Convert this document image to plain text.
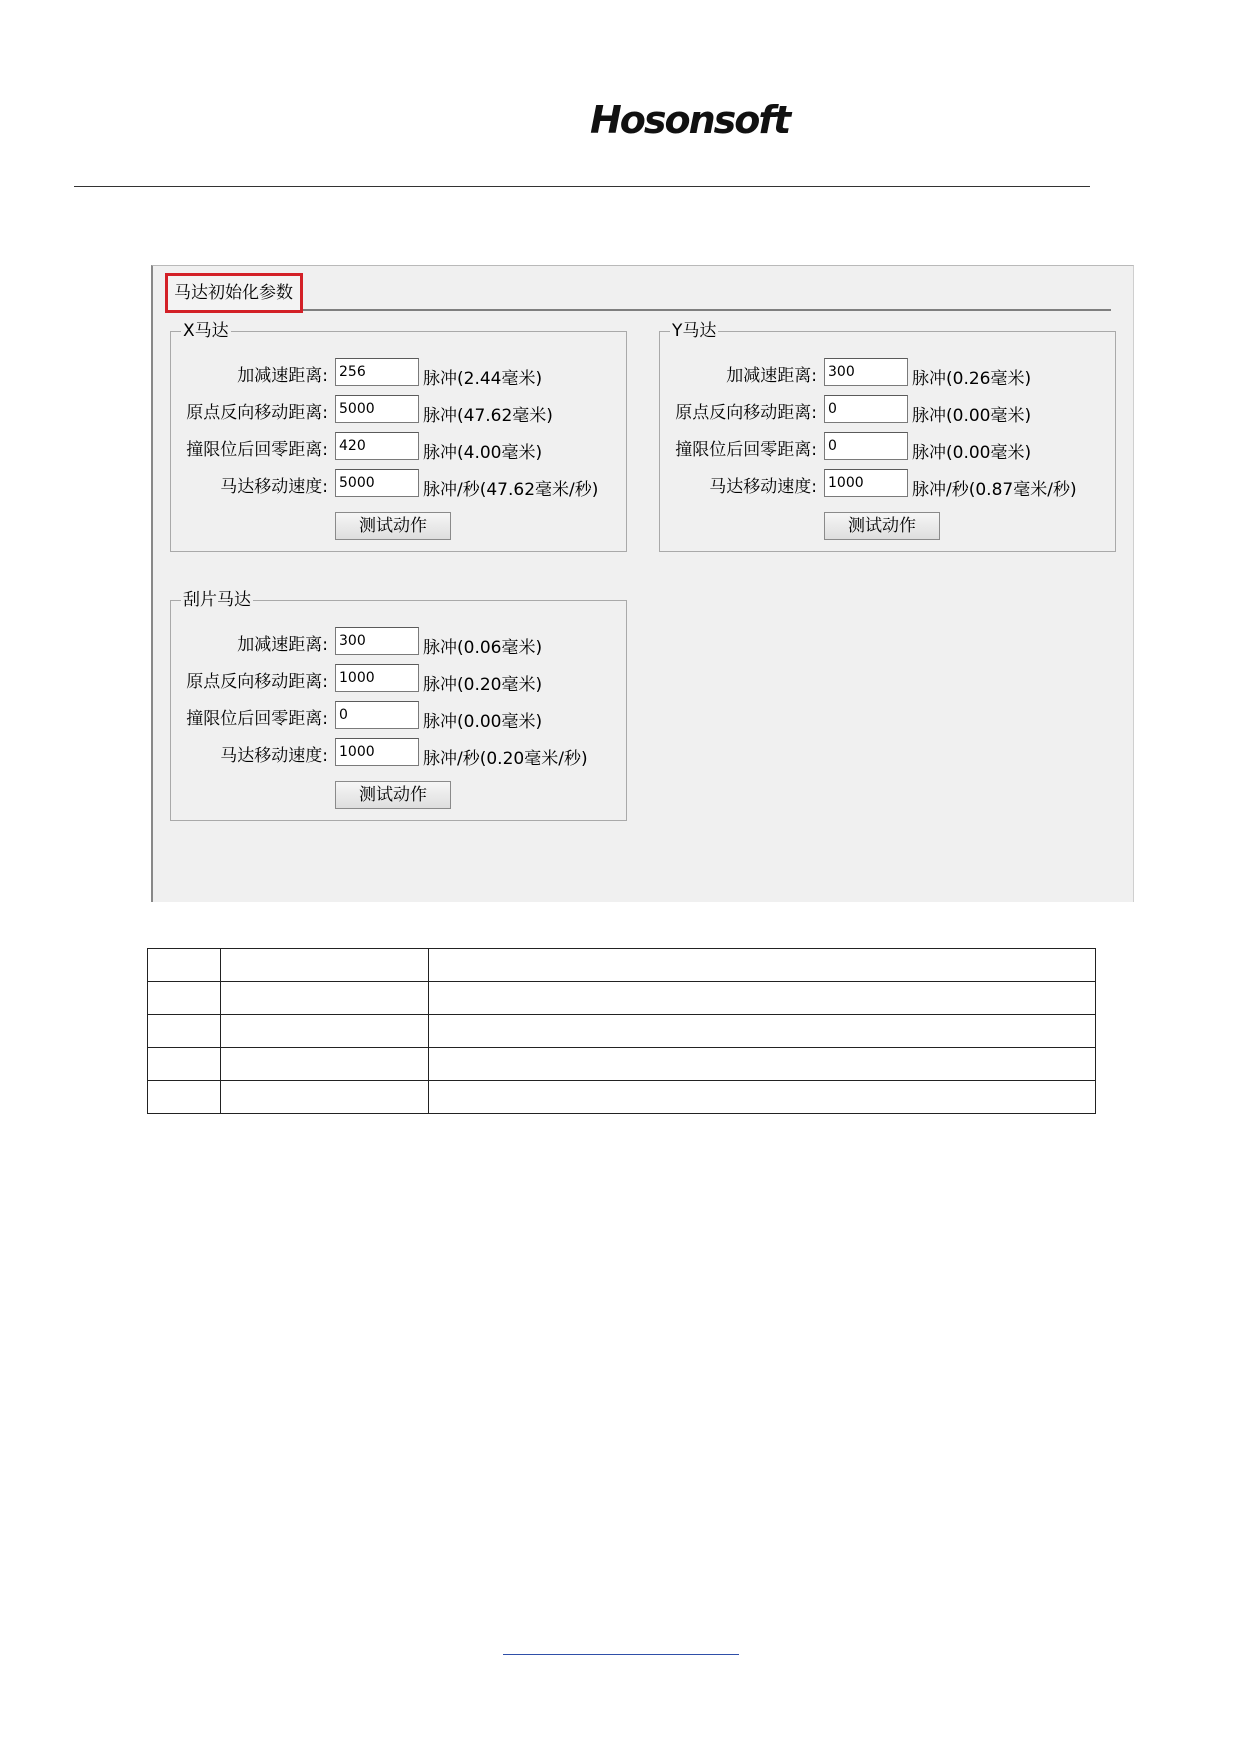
Hosonsoft
马达初始化参数
X马达
加减速距离: 256	脉冲(2.44毫米)
原点反向移动距离: 5000	脉冲(47.62毫米)
撞限位后回零距离: 420	脉冲(4.00毫米)
马达移动速度: 5000	脉冲/秒(47.62毫米/秒)
测试动作
Y马达
加减速距离: 300	脉冲(0.26毫米)
原点反向移动距离: 0	脉冲(0.00毫米)
撞限位后回零距离: 0	脉冲(0.00毫米)
马达移动速度: 1000	脉冲/秒(0.87毫米/秒)
测试动作
刮片马达
加减速距离: 300	脉冲(0.06毫米)
原点反向移动距离: 1000	脉冲(0.20毫米)
撞限位后回零距离: 0	脉冲(0.00毫米)
马达移动速度: 1000	脉冲/秒(0.20毫米/秒)
测试动作
